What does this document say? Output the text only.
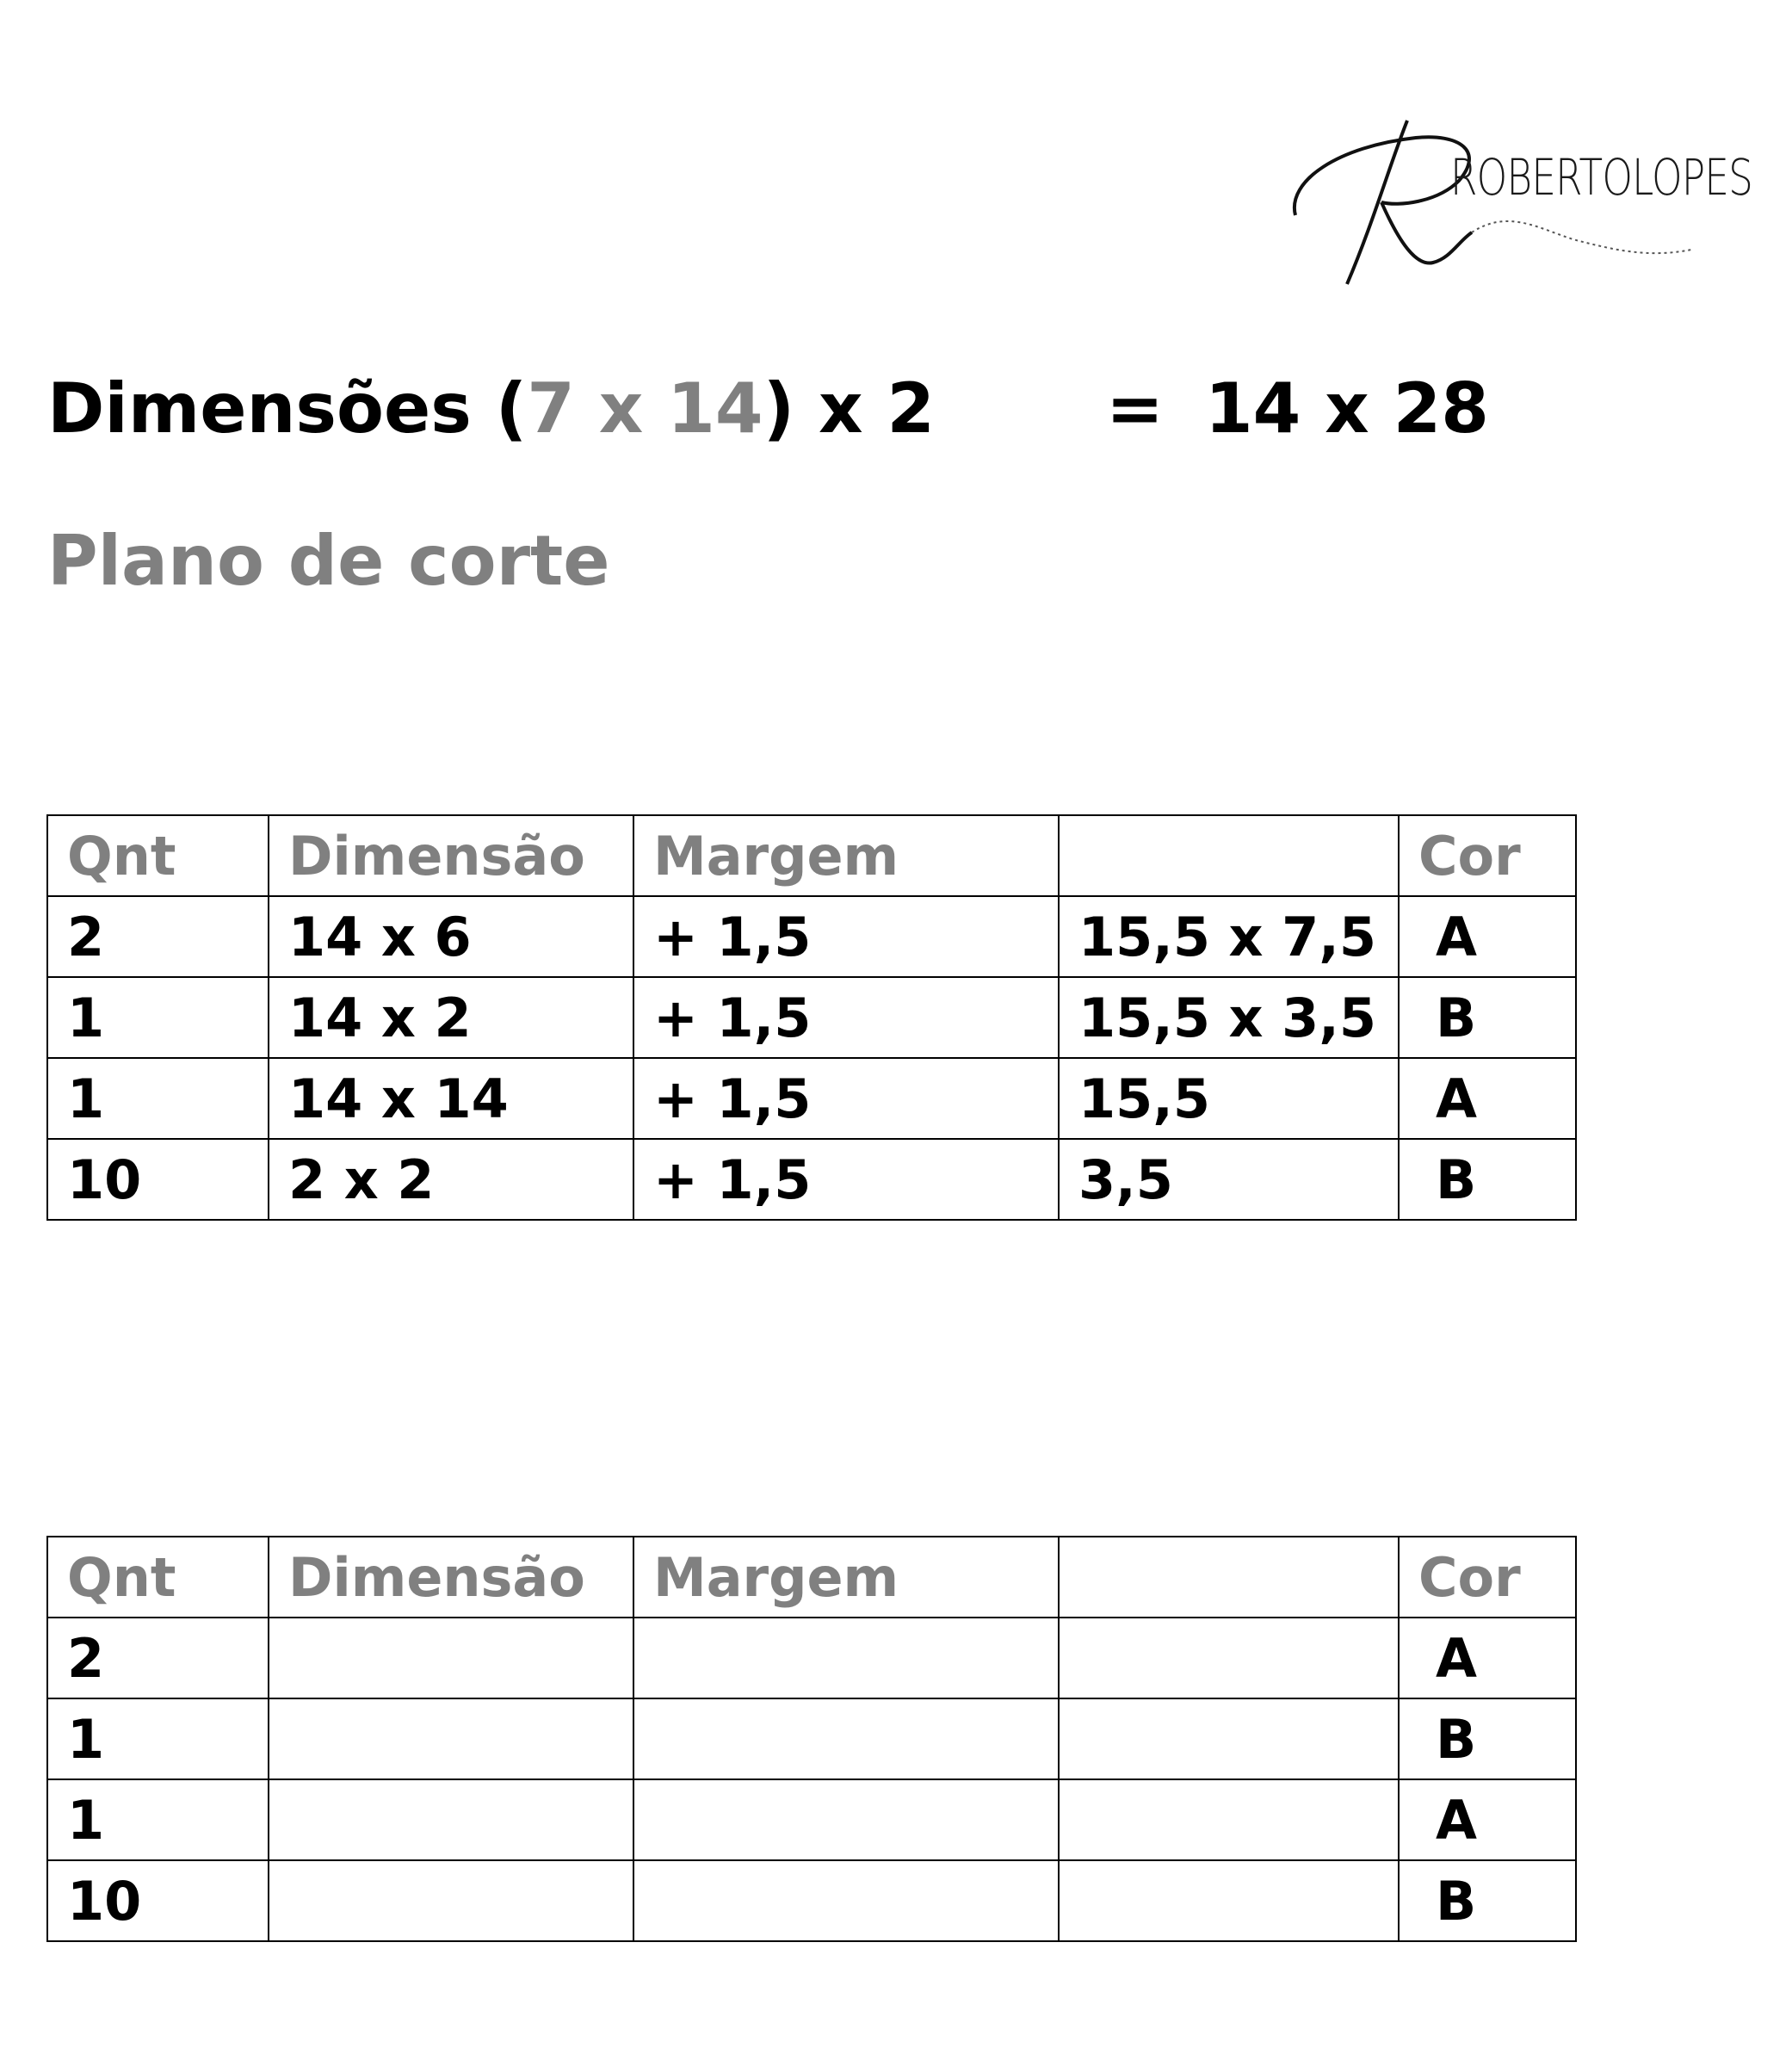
ROBERTOLOPES
Dimensões (7 x 14) x 2 = 14 x 28
Plano de corte
Qnt	Dimensão	Margem		Cor
2	14 x 6	+ 1,5	15,5 x 7,5	A
1	14 x 2	+ 1,5	15,5 x 3,5	B
1	14 x 14	+ 1,5	15,5	A
10	2 x 2	+ 1,5	3,5	B
Qnt	Dimensão	Margem		Cor
2				A
1				B
1				A
10				B
